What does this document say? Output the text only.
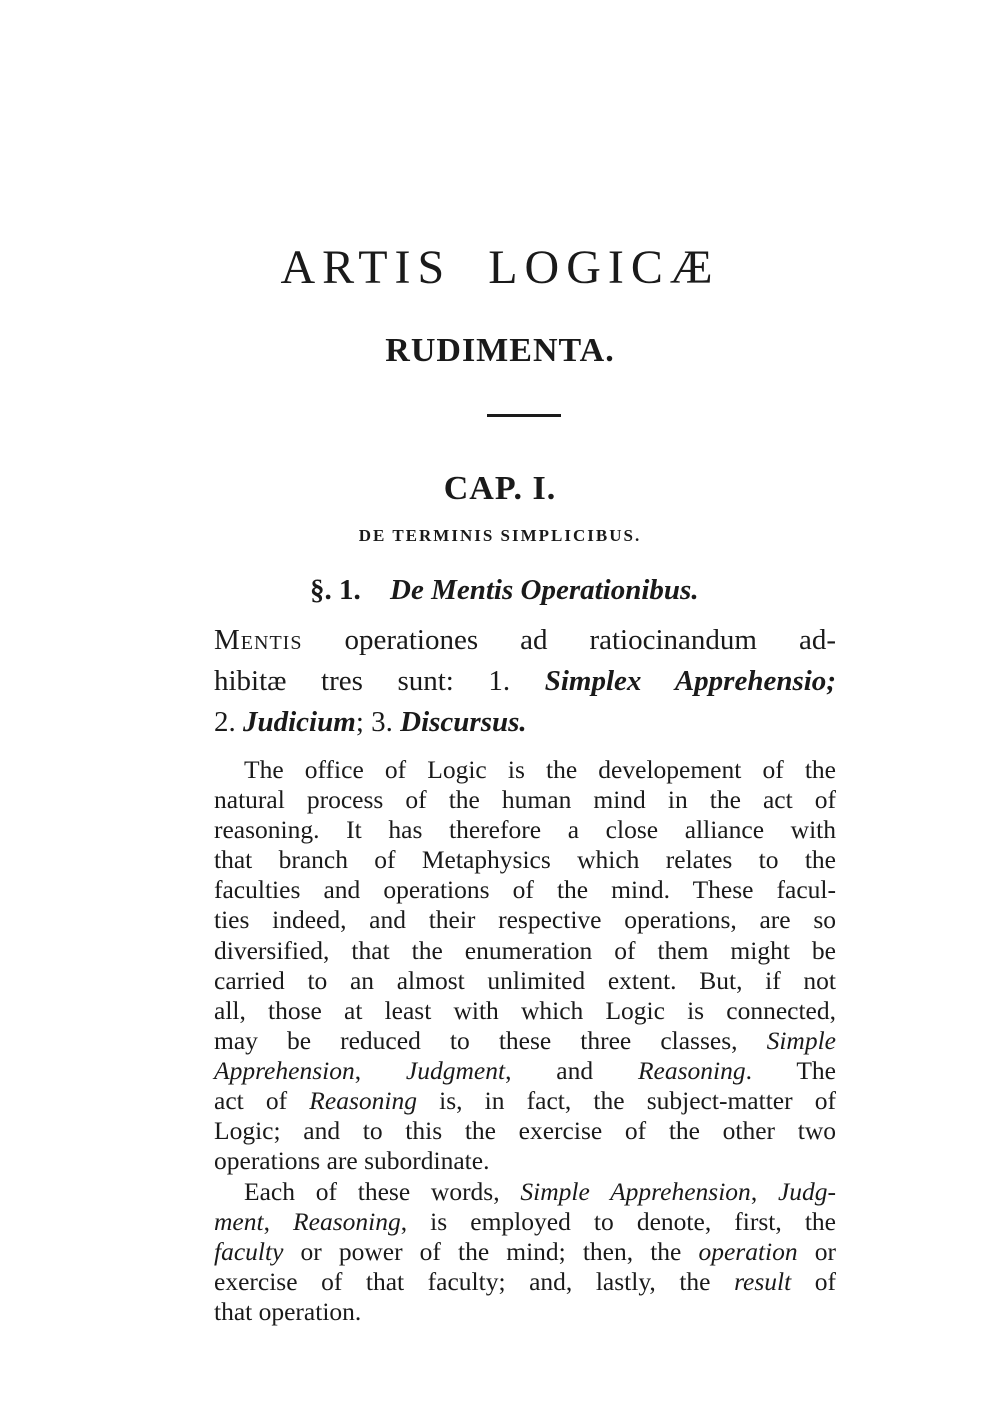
ARTIS LOGICÆ
RUDIMENTA.
CAP. I.
DE TERMINIS SIMPLICIBUS.
§. 1. De Mentis Operationibus.
Mentis operationes ad ratiocinandum ad-
hibitæ tres sunt: 1. Simplex Apprehensio;
2. Judicium; 3. Discursus.
The office of Logic is the developement of the
natural process of the human mind in the act of
reasoning. It has therefore a close alliance with
that branch of Metaphysics which relates to the
faculties and operations of the mind. These facul-
ties indeed, and their respective operations, are so
diversified, that the enumeration of them might be
carried to an almost unlimited extent. But, if not
all, those at least with which Logic is connected,
may be reduced to these three classes, Simple
Apprehension, Judgment, and Reasoning. The
act of Reasoning is, in fact, the subject-matter of
Logic; and to this the exercise of the other two
operations are subordinate.
Each of these words, Simple Apprehension, Judg-
ment, Reasoning, is employed to denote, first, the
faculty or power of the mind; then, the operation or
exercise of that faculty; and, lastly, the result of
that operation.
